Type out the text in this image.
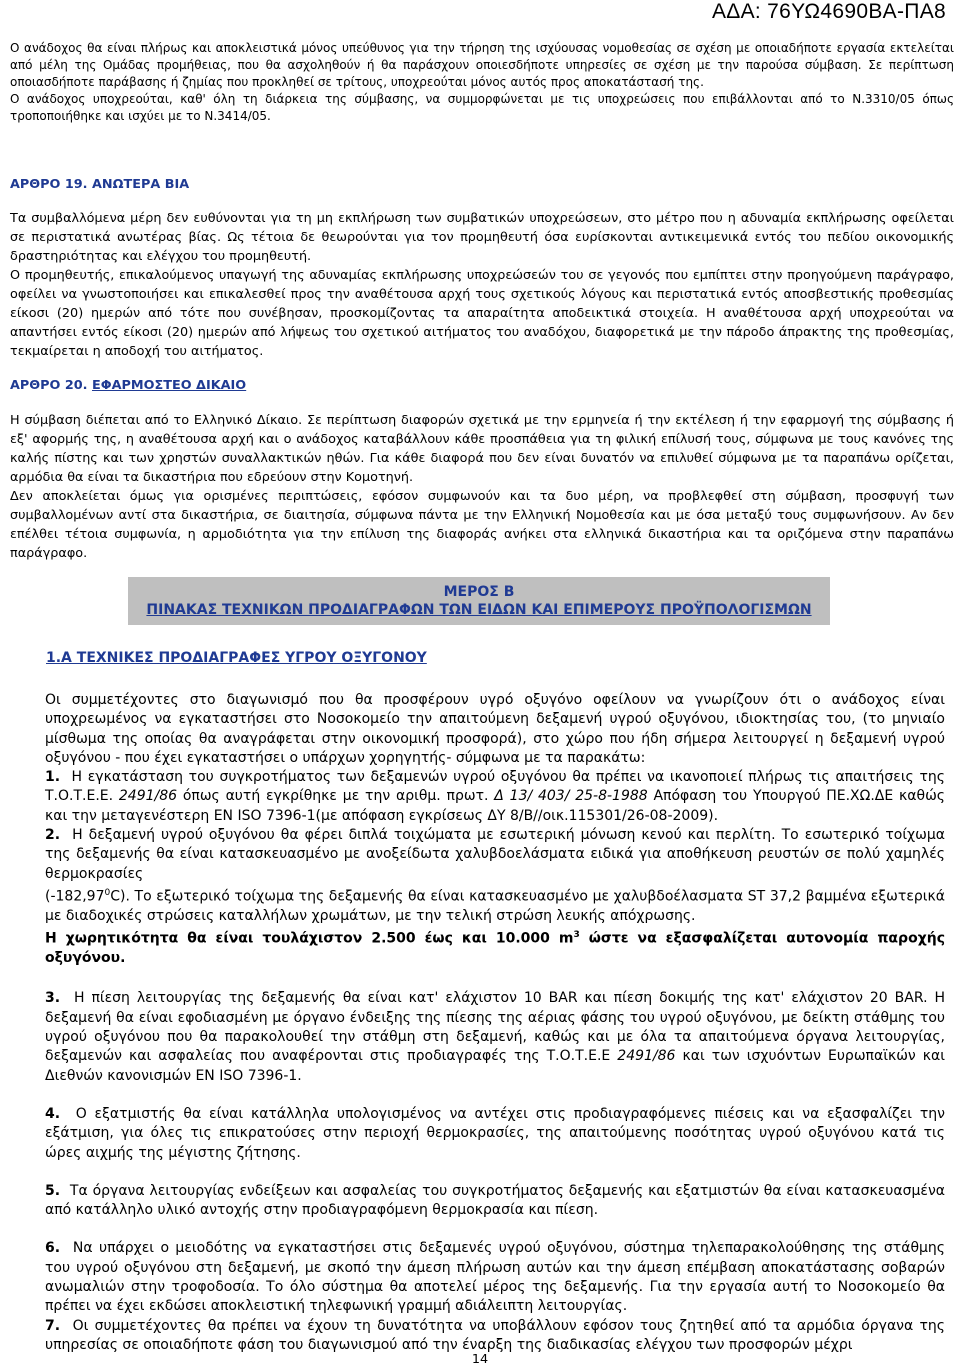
ΑΔΑ: 76ΥΩ4690ΒΑ-ΠΑ8

Ο ανάδοχος θα είναι πλήρως και αποκλειστικά μόνος υπεύθυνος για την τήρηση της ισχύουσας νομοθεσίας σε σχέση με οποιαδήποτε εργασία εκτελείται από μέλη της Ομάδας προμήθειας, που θα ασχοληθούν ή θα παράσχουν οποιεσδήποτε υπηρεσίες σε σχέση με την παρούσα σύμβαση. Σε περίπτωση οποιασδήποτε παράβασης ή ζημίας που προκληθεί σε τρίτους, υποχρεούται μόνος αυτός προς αποκατάστασή της.

Ο ανάδοχος υποχρεούται, καθ' όλη τη διάρκεια της σύμβασης, να συμμορφώνεται με τις υποχρεώσεις που επιβάλλονται από το Ν.3310/05 όπως τροποποιήθηκε και ισχύει με το Ν.3414/05.

ΑΡΘΡΟ 19. ΑΝΩΤΕΡΑ ΒΙΑ

Τα συμβαλλόμενα μέρη δεν ευθύνονται για τη μη εκπλήρωση των συμβατικών υποχρεώσεων, στο μέτρο που η αδυναμία εκπλήρωσης οφείλεται σε περιστατικά ανωτέρας βίας. Ως τέτοια δε θεωρούνται για τον προμηθευτή όσα ευρίσκονται αντικειμενικά εντός του πεδίου οικονομικής δραστηριότητας και ελέγχου του προμηθευτή.

Ο προμηθευτής, επικαλούμενος υπαγωγή της αδυναμίας εκπλήρωσης υποχρεώσεών του σε γεγονός που εμπίπτει στην προηγούμενη παράγραφο, οφείλει να γνωστοποιήσει και επικαλεσθεί προς την αναθέτουσα αρχή τους σχετικούς λόγους και περιστατικά εντός αποσβεστικής προθεσμίας είκοσι (20) ημερών από τότε που συνέβησαν, προσκομίζοντας τα απαραίτητα αποδεικτικά στοιχεία. Η αναθέτουσα αρχή υποχρεούται να απαντήσει εντός είκοσι (20) ημερών από λήψεως του σχετικού αιτήματος του αναδόχου, διαφορετικά με την πάροδο άπρακτης της προθεσμίας, τεκμαίρεται η αποδοχή του αιτήματος.

ΑΡΘΡΟ 20. ΕΦΑΡΜΟΣΤΕΟ ΔΙΚΑΙΟ

Η σύμβαση διέπεται από το Ελληνικό Δίκαιο. Σε περίπτωση διαφορών σχετικά με την ερμηνεία ή την εκτέλεση ή την εφαρμογή της σύμβασης ή εξ' αφορμής της, η αναθέτουσα αρχή και ο ανάδοχος καταβάλλουν κάθε προσπάθεια για τη φιλική επίλυσή τους, σύμφωνα με τους κανόνες της καλής πίστης και των χρηστών συναλλακτικών ηθών. Για κάθε διαφορά που δεν είναι δυνατόν να επιλυθεί σύμφωνα με τα παραπάνω ορίζεται, αρμόδια θα είναι τα δικαστήρια που εδρεύουν στην Κομοτηνή.

Δεν αποκλείεται όμως για ορισμένες περιπτώσεις, εφόσον συμφωνούν και τα δυο μέρη, να προβλεφθεί στη σύμβαση, προσφυγή των συμβαλλομένων αντί στα δικαστήρια, σε διαιτησία, σύμφωνα πάντα με την Ελληνική Νομοθεσία και με όσα μεταξύ τους συμφωνήσουν. Αν δεν επέλθει τέτοια συμφωνία, η αρμοδιότητα για την επίλυση της διαφοράς ανήκει στα ελληνικά δικαστήρια και τα οριζόμενα στην παραπάνω παράγραφο.

ΜΕΡΟΣ Β
ΠΙΝΑΚΑΣ ΤΕΧΝΙΚΩΝ ΠΡΟΔΙΑΓΡΑΦΩΝ ΤΩΝ ΕΙΔΩΝ ΚΑΙ ΕΠΙΜΕΡΟΥΣ ΠΡΟΫΠΟΛΟΓΙΣΜΩΝ
1.Α ΤΕΧΝΙΚΕΣ ΠΡΟΔΙΑΓΡΑΦΕΣ ΥΓΡΟΥ ΟΞΥΓΟΝΟΥ

Οι συμμετέχοντες στο διαγωνισμό που θα προσφέρουν υγρό οξυγόνο οφείλουν να γνωρίζουν ότι ο ανάδοχος είναι υποχρεωμένος να εγκαταστήσει στο Νοσοκομείο την απαιτούμενη δεξαμενή υγρού οξυγόνου, ιδιοκτησίας του, (το μηνιαίο μίσθωμα της οποίας θα αναγράφεται στην οικονομική προσφορά), στο χώρο που ήδη σήμερα λειτουργεί η δεξαμενή υγρού οξυγόνου - που έχει εγκαταστήσει ο υπάρχων χορηγητής- σύμφωνα με τα παρακάτω:

1. Η εγκατάσταση του συγκροτήματος των δεξαμενών υγρού οξυγόνου θα πρέπει να ικανοποιεί πλήρως τις απαιτήσεις της Τ.Ο.Τ.Ε.Ε. 2491/86 όπως αυτή εγκρίθηκε με την αριθμ. πρωτ. Δ 13/ 403/ 25-8-1988 Απόφαση του Υπουργού ΠΕ.ΧΩ.ΔΕ καθώς και την μεταγενέστερη EN ISO 7396-1(με απόφαση εγκρίσεως ΔΥ 8/Β//οικ.115301/26-08-2009).

2. Η δεξαμενή υγρού οξυγόνου θα φέρει διπλά τοιχώματα με εσωτερική μόνωση κενού και περλίτη. Το εσωτερικό τοίχωμα της δεξαμενής θα είναι κατασκευασμένο με ανοξείδωτα χαλυβδοελάσματα ειδικά για αποθήκευση ρευστών σε πολύ χαμηλές θερμοκρασίες

(-182,97$^0$C). Το εξωτερικό τοίχωμα της δεξαμενής θα είναι κατασκευασμένο με χαλυβδοέλασματα ST 37,2 βαμμένα εξωτερικά με διαδοχικές στρώσεις καταλλήλων χρωμάτων, με την τελική στρώση λευκής απόχρωσης.

Η χωρητικότητα θα είναι τουλάχιστον 2.500 έως και 10.000 $m^3$ ώστε να εξασφαλίζεται αυτονομία παροχής οξυγόνου.

3. Η πίεση λειτουργίας της δεξαμενής θα είναι κατ' ελάχιστον 10 BAR και πίεση δοκιμής της κατ' ελάχιστον 20 BAR. Η δεξαμενή θα είναι εφοδιασμένη με όργανο ένδειξης της πίεσης της αέριας φάσης του υγρού οξυγόνου, με δείκτη στάθμης του υγρού οξυγόνου που θα παρακολουθεί την στάθμη στη δεξαμενή, καθώς και με όλα τα απαιτούμενα όργανα λειτουργίας, δεξαμενών και ασφαλείας που αναφέρονται στις προδιαγραφές της Τ.Ο.Τ.Ε.Ε 2491/86 και των ισχυόντων Ευρωπαϊκών και Διεθνών κανονισμών EN ISO 7396-1.

4. Ο εξατμιστής θα είναι κατάλληλα υπολογισμένος να αντέχει στις προδιαγραφόμενες πιέσεις και να εξασφαλίζει την εξάτμιση, για όλες τις επικρατούσες στην περιοχή θερμοκρασίες, της απαιτούμενης ποσότητας υγρού οξυγόνου κατά τις ώρες αιχμής της μέγιστης ζήτησης.

5. Τα όργανα λειτουργίας ενδείξεων και ασφαλείας του συγκροτήματος δεξαμενής και εξατμιστών θα είναι κατασκευασμένα από κατάλληλο υλικό αντοχής στην προδιαγραφόμενη θερμοκρασία και πίεση.

6. Να υπάρχει ο μειοδότης να εγκαταστήσει στις δεξαμενές υγρού οξυγόνου, σύστημα τηλεπαρακολούθησης της στάθμης του υγρού οξυγόνου στη δεξαμενή, με σκοπό την άμεση πλήρωση αυτών και την άμεση επέμβαση αποκατάστασης σοβαρών ανωμαλιών στην τροφοδοσία. Το όλο σύστημα θα αποτελεί μέρος της δεξαμενής. Για την εργασία αυτή το Νοσοκομείο θα πρέπει να έχει εκδώσει αποκλειστική τηλεφωνική γραμμή αδιάλειπτη λειτουργίας.

7. Οι συμμετέχοντες θα πρέπει να έχουν τη δυνατότητα να υποβάλλουν εφόσον τους ζητηθεί από τα αρμόδια όργανα της υπηρεσίας σε οποιαδήποτε φάση του διαγωνισμού από την έναρξη της διαδικασίας ελέγχου των προσφορών μέχρι

14
